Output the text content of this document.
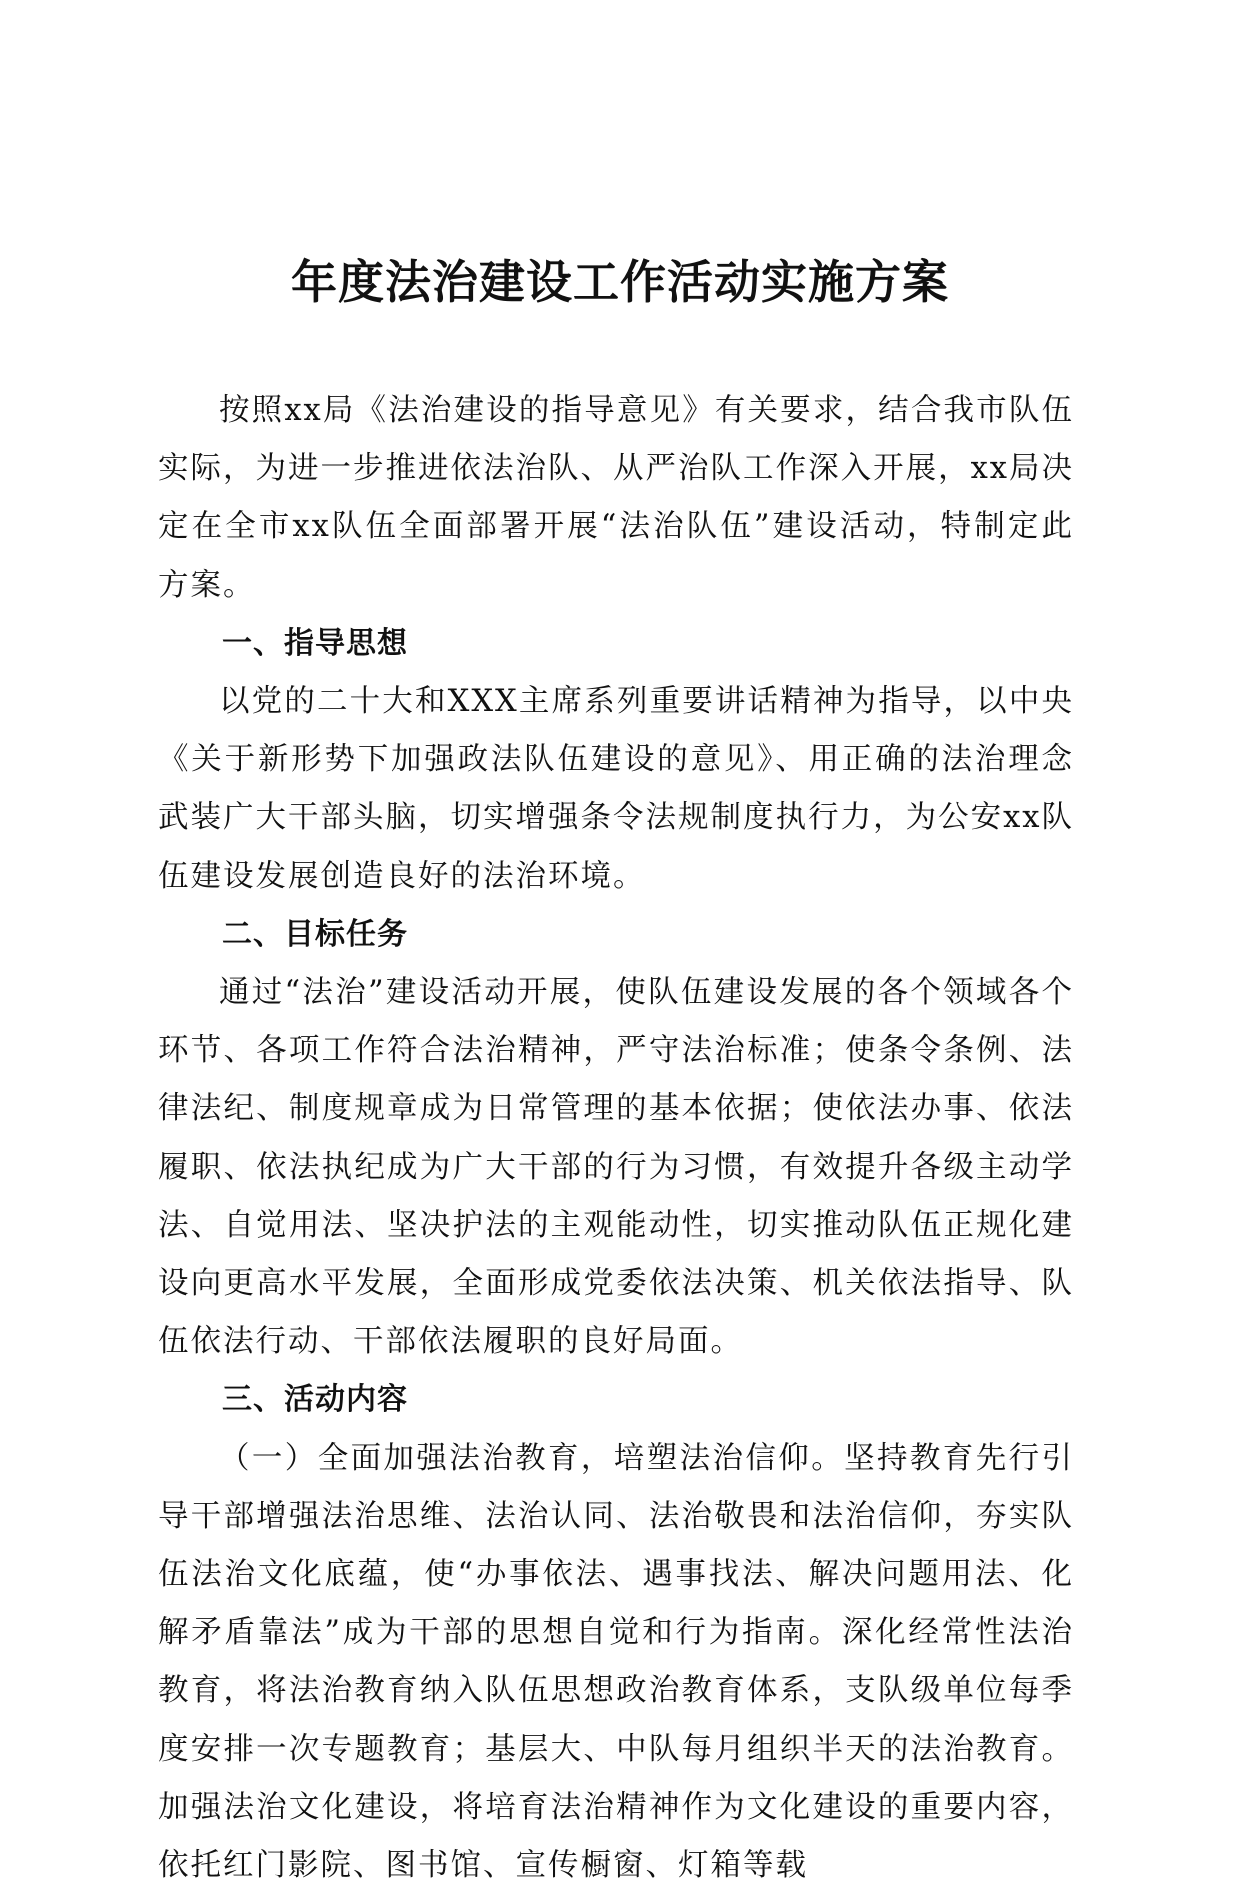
年度法治建设工作活动实施方案

按照xx局《法治建设的指导意见》有关要求，结合我市队伍实际，为进一步推进依法治队、从严治队工作深入开展，xx局决定在全市xx队伍全面部署开展“法治队伍”建设活动，特制定此方案。

一、指导思想

以党的二十大和XXX主席系列重要讲话精神为指导，以中央《关于新形势下加强政法队伍建设的意见》、用正确的法治理念武装广大干部头脑，切实增强条令法规制度执行力，为公安xx队伍建设发展创造良好的法治环境。

二、目标任务

通过“法治”建设活动开展，使队伍建设发展的各个领域各个环节、各项工作符合法治精神，严守法治标准；使条令条例、法律法纪、制度规章成为日常管理的基本依据；使依法办事、依法履职、依法执纪成为广大干部的行为习惯，有效提升各级主动学法、自觉用法、坚决护法的主观能动性，切实推动队伍正规化建设向更高水平发展，全面形成党委依法决策、机关依法指导、队伍依法行动、干部依法履职的良好局面。

三、活动内容

（一）全面加强法治教育，培塑法治信仰。坚持教育先行引导干部增强法治思维、法治认同、法治敬畏和法治信仰，夯实队伍法治文化底蕴，使“办事依法、遇事找法、解决问题用法、化解矛盾靠法”成为干部的思想自觉和行为指南。深化经常性法治教育，将法治教育纳入队伍思想政治教育体系，支队级单位每季度安排一次专题教育；基层大、中队每月组织半天的法治教育。加强法治文化建设，将培育法治精神作为文化建设的重要内容，依托红门影院、图书馆、宣传橱窗、灯箱等载
